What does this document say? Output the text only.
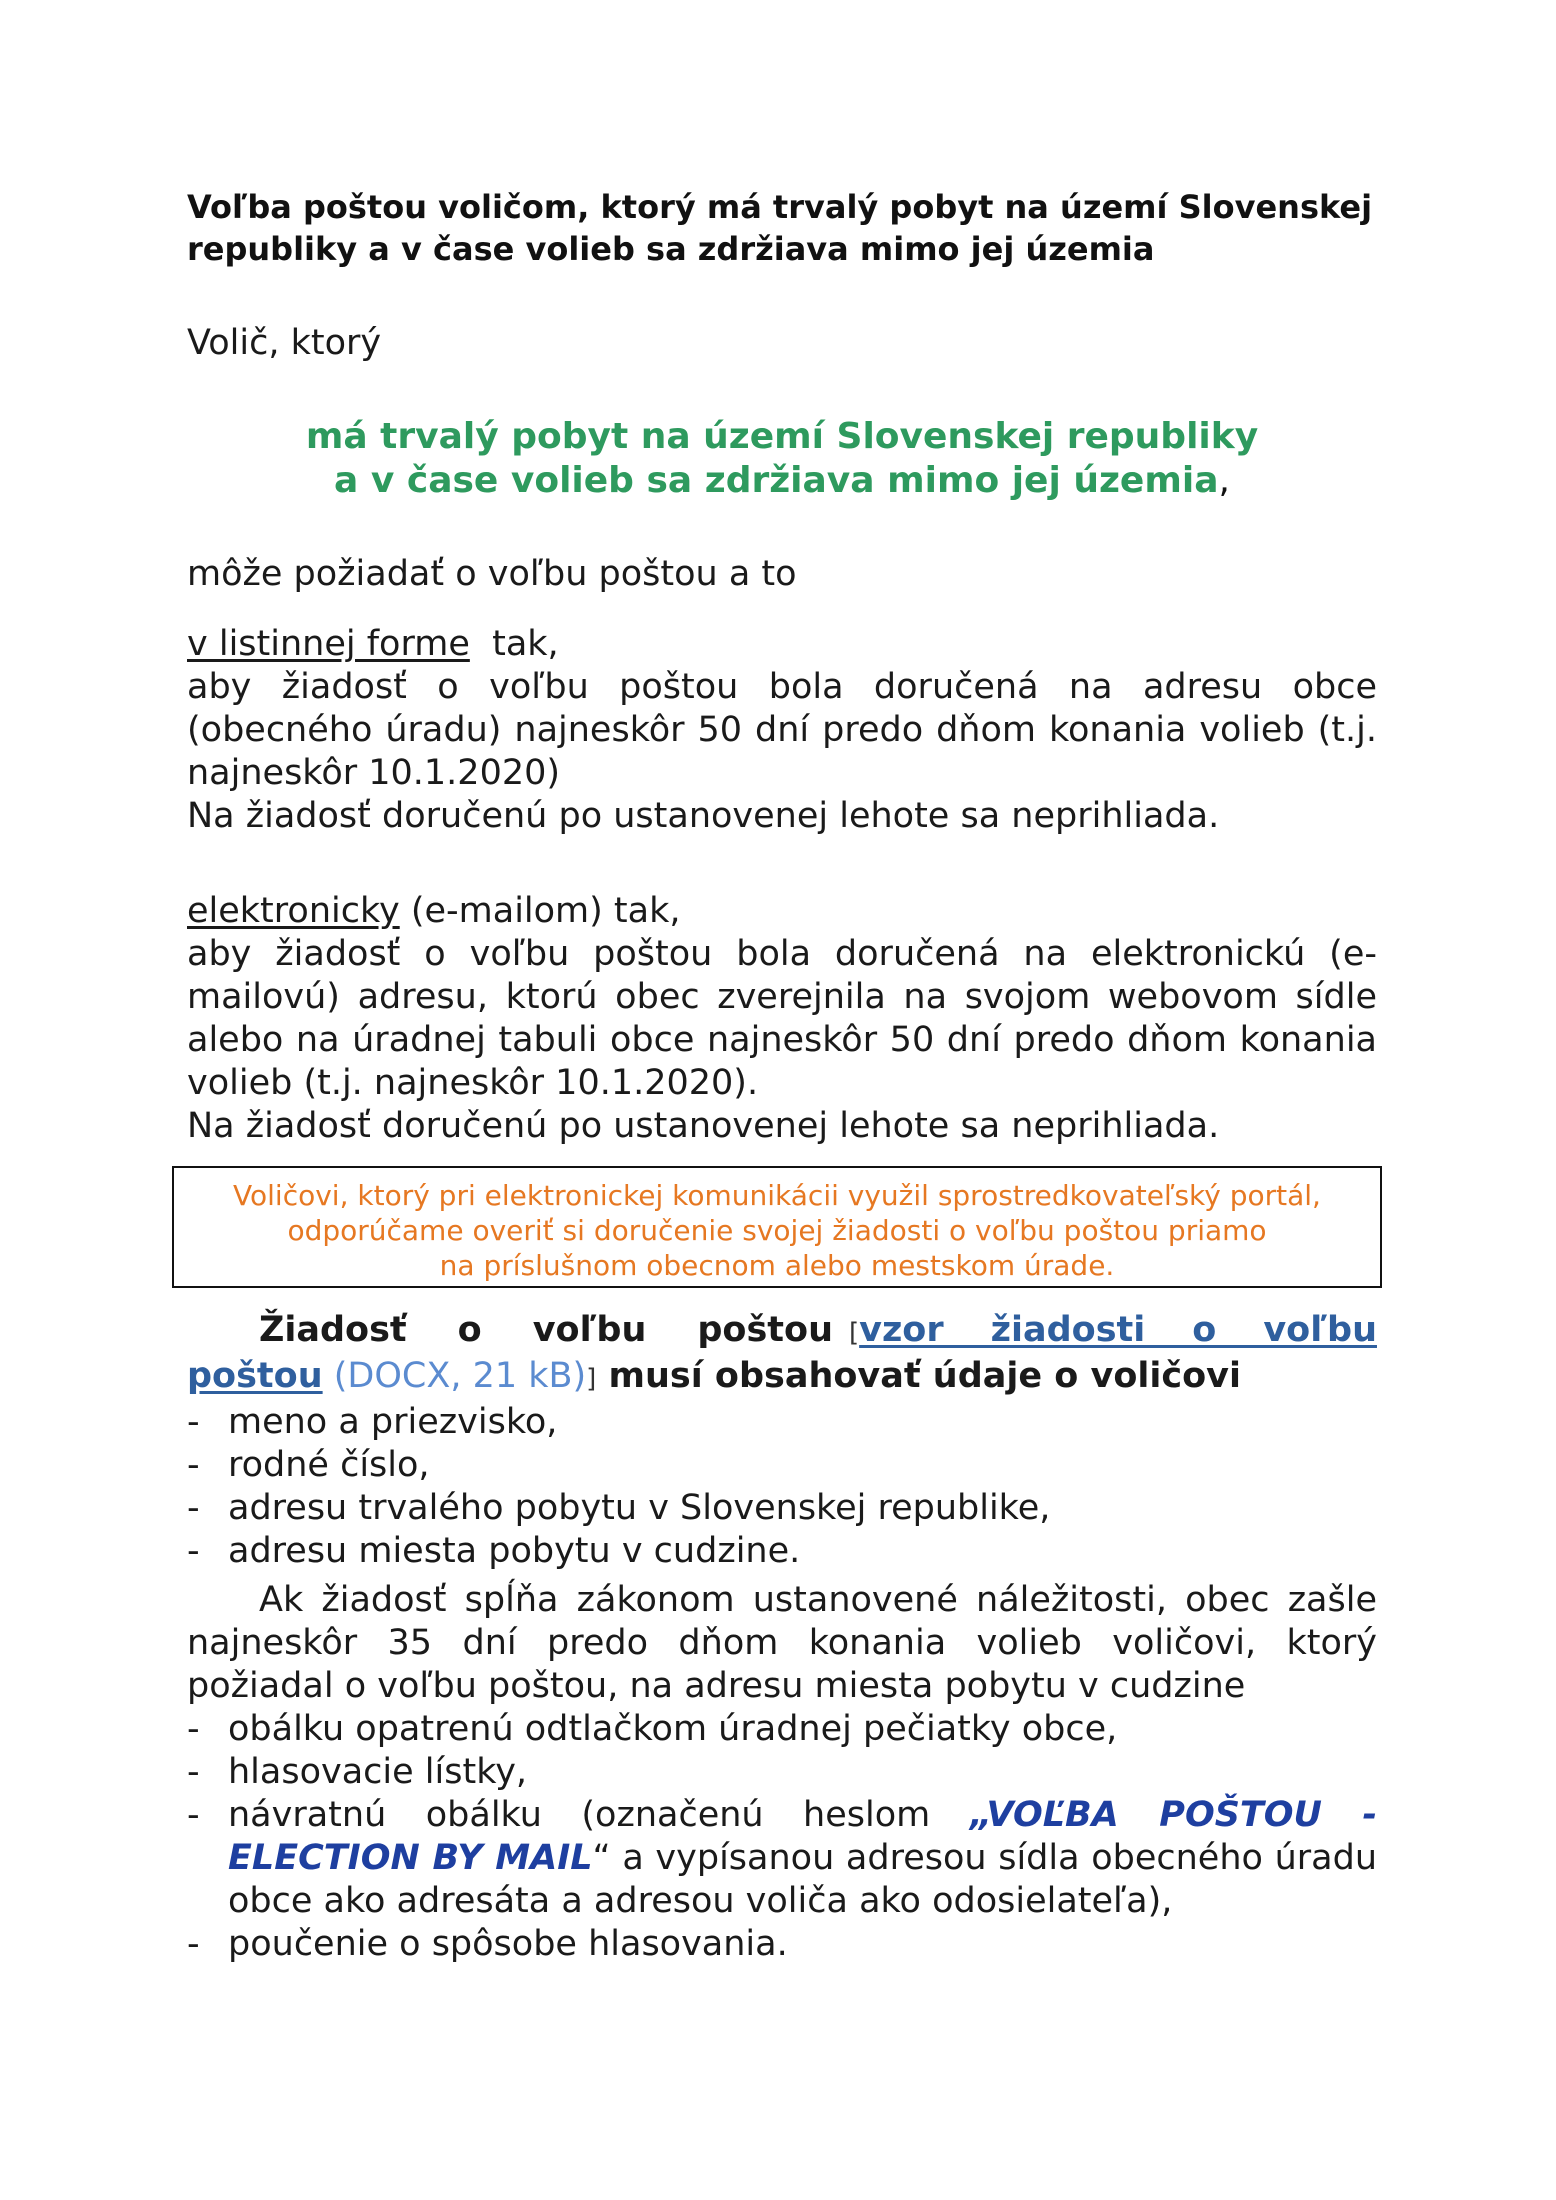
Voľba poštou voličom, ktorý má trvalý pobyt na území Slovenskej
republiky a v čase volieb sa zdržiava mimo jej územia

Volič, ktorý

má trvalý pobyt na území Slovenskej republiky
a v čase volieb sa zdržiava mimo jej územia,

môže požiadať o voľbu poštou a to

v listinnej forme  tak,
aby žiadosť o voľbu poštou bola doručená na adresu obce (obecného úradu) najneskôr 50 dní predo dňom konania volieb (t.j. najneskôr 10.1.2020)
Na žiadosť doručenú po ustanovenej lehote sa neprihliada.
elektronicky (e-mailom) tak,
aby žiadosť o voľbu poštou bola doručená na elektronickú (e-mailovú) adresu, ktorú obec zverejnila na svojom webovom sídle alebo na úradnej tabuli obce najneskôr 50 dní predo dňom konania volieb (t.j. najneskôr 10.1.2020).
Na žiadosť doručenú po ustanovenej lehote sa neprihliada.
Voličovi, ktorý pri elektronickej komunikácii využil sprostredkovateľský portál,
odporúčame overiť si doručenie svojej žiadosti o voľbu poštou priamo
na príslušnom obecnom alebo mestskom úrade.

Žiadosť o voľbu poštou [vzor žiadosti o voľbu poštou (DOCX, 21 kB)] musí obsahovať údaje o voličovi

- meno a priezvisko,
- rodné číslo,
- adresu trvalého pobytu v Slovenskej republike,
- adresu miesta pobytu v cudzine.

Ak žiadosť spĺňa zákonom ustanovené náležitosti, obec zašle najneskôr 35 dní predo dňom konania volieb voličovi, ktorý požiadal o voľbu poštou, na adresu miesta pobytu v cudzine

- obálku opatrenú odtlačkom úradnej pečiatky obce,
- hlasovacie lístky,
- návratnú obálku (označenú heslom „VOĽBA POŠTOU - ELECTION BY MAIL“ a vypísanou adresou sídla obecného úradu obce ako adresáta a adresou voliča ako odosielateľa),
- poučenie o spôsobe hlasovania.
